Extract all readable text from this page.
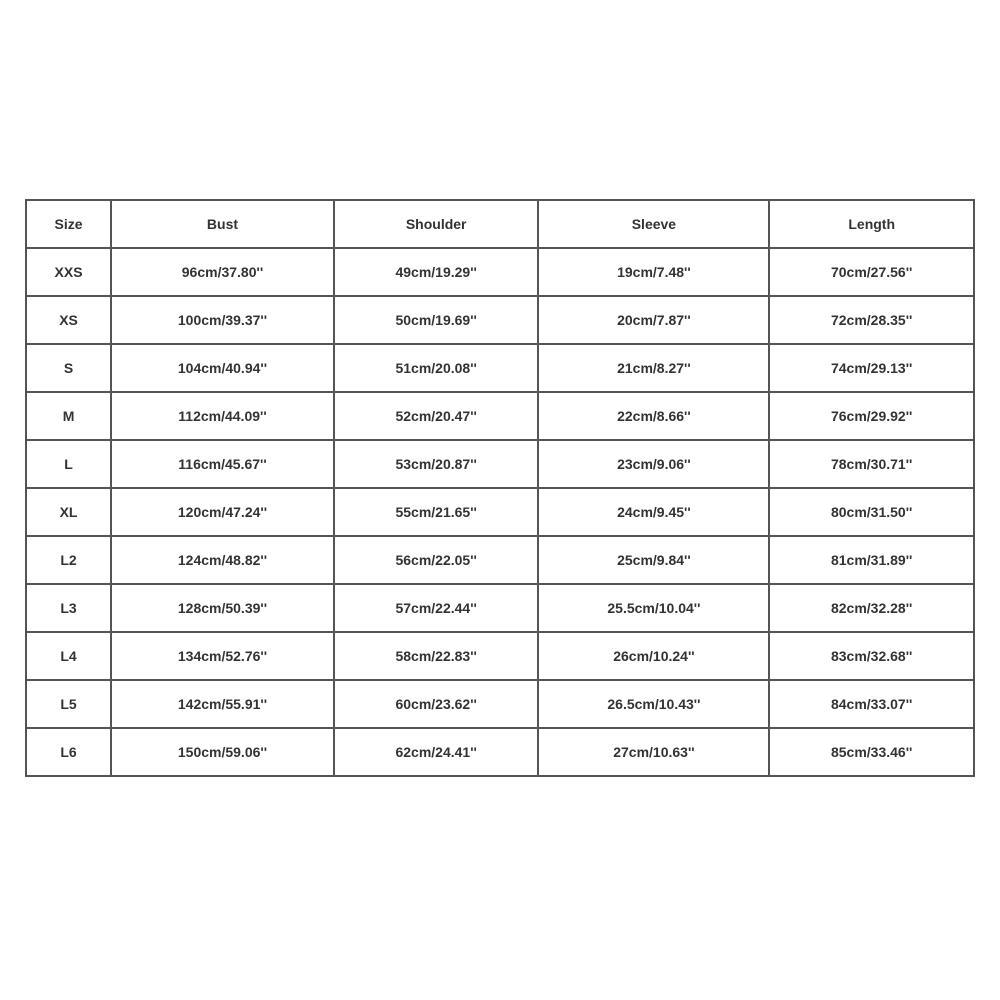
Size	Bust	Shoulder	Sleeve	Length
XXS	96cm/37.80''	49cm/19.29''	19cm/7.48''	70cm/27.56''
XS	100cm/39.37''	50cm/19.69''	20cm/7.87''	72cm/28.35''
S	104cm/40.94''	51cm/20.08''	21cm/8.27''	74cm/29.13''
M	112cm/44.09''	52cm/20.47''	22cm/8.66''	76cm/29.92''
L	116cm/45.67''	53cm/20.87''	23cm/9.06''	78cm/30.71''
XL	120cm/47.24''	55cm/21.65''	24cm/9.45''	80cm/31.50''
L2	124cm/48.82''	56cm/22.05''	25cm/9.84''	81cm/31.89''
L3	128cm/50.39''	57cm/22.44''	25.5cm/10.04''	82cm/32.28''
L4	134cm/52.76''	58cm/22.83''	26cm/10.24''	83cm/32.68''
L5	142cm/55.91''	60cm/23.62''	26.5cm/10.43''	84cm/33.07''
L6	150cm/59.06''	62cm/24.41''	27cm/10.63''	85cm/33.46''
